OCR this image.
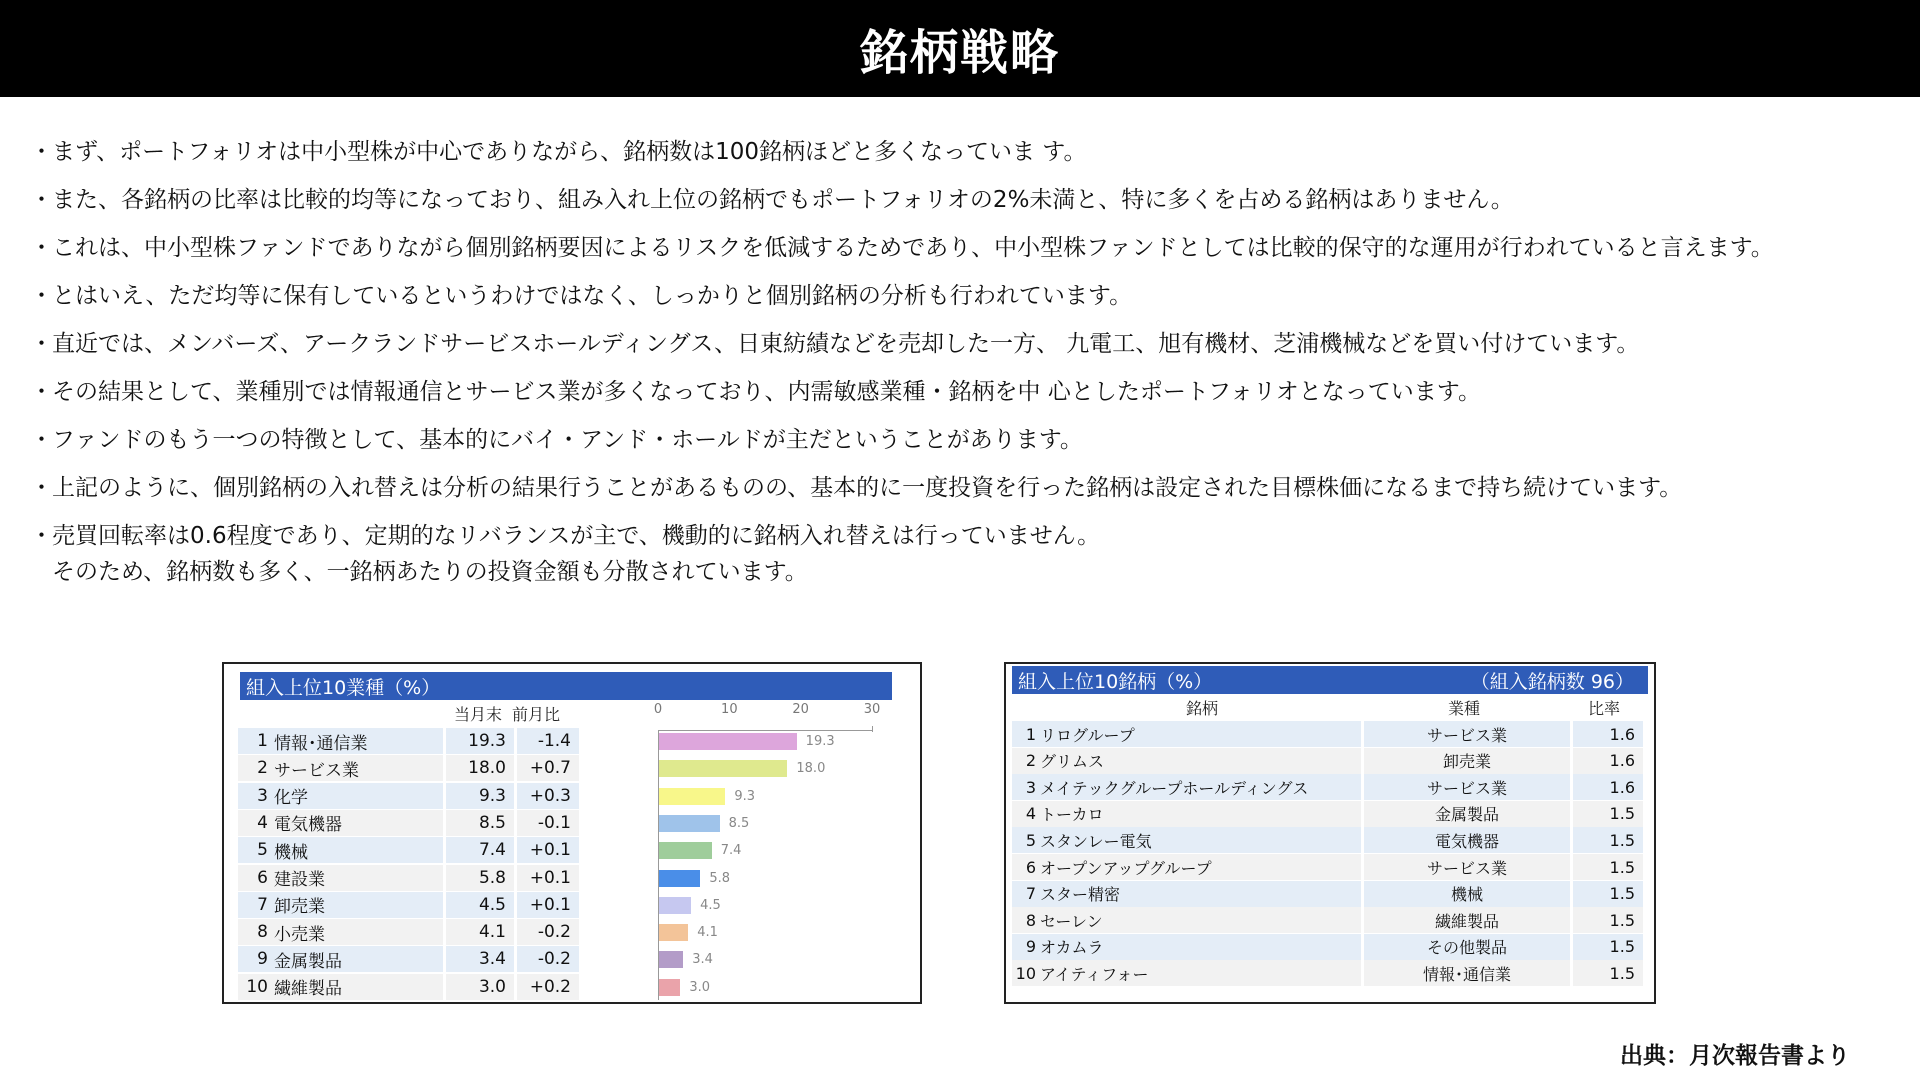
銘柄戦略
・ まず、ポートフォリオは中小型株が中心でありながら、銘柄数は100銘柄ほどと多くなっていま す。
・ また、各銘柄の比率は比較的均等になっており、組み入れ上位の銘柄でもポートフォリオの2%未満と、特に多くを占める銘柄はありません。
・ これは、中小型株ファンドでありながら個別銘柄要因によるリスクを低減するためであり、中小型株ファンドとしては比較的保守的な運用が行われていると言えます。
・ とはいえ、ただ均等に保有しているというわけではなく、しっかりと個別銘柄の分析も行われています。
・ 直近では、メンバーズ、アークランドサービスホールディングス、日東紡績などを売却した一方、 九電工、旭有機材、芝浦機械などを買い付けています。
・ その結果として、業種別では情報通信とサービス業が多くなっており、内需敏感業種・銘柄を中 心としたポートフォリオとなっています。
・ ファンドのもう一つの特徴として、基本的にバイ・アンド・ホールドが主だということがあります。
・ 上記のように、個別銘柄の入れ替えは分析の結果行うことがあるものの、基本的に一度投資を行った銘柄は設定された目標株価になるまで持ち続けています。
・ 売買回転率は0.6程度であり、定期的なリバランスが主で、機動的に銘柄入れ替えは行っていません。
そのため、銘柄数も多く、一銘柄あたりの投資金額も分散されています。
組入上位10業種（%）
当月末 前月比	0	10	20	30
1 情報･通信業	19.3	-1.4	19.3
2 サービス業	18.0	+0.7	18.0
3 化学	9.3	+0.3	9.3
4 電気機器	8.5	-0.1	8.5
5 機械	7.4	+0.1	7.4
6 建設業	5.8	+0.1	5.8
7 卸売業	4.5	+0.1	4.5
8 小売業	4.1	-0.2	4.1
9 金属製品	3.4	-0.2	3.4
10 繊維製品	3.0	+0.2	3.0
組入上位10銘柄（%）	（組入銘柄数 96）
銘柄	業種	比率
1 リログループ	サービス業	1.6
2 グリムス	卸売業	1.6
3 メイテックグループホールディングス	サービス業	1.6
4 トーカロ	金属製品	1.5
5 スタンレー電気	電気機器	1.5
6 オープンアップグループ	サービス業	1.5
7 スター精密	機械	1.5
8 セーレン	繊維製品	1.5
9 オカムラ	その他製品	1.5
10 アイティフォー	情報･通信業	1.5
出典：月次報告書より
